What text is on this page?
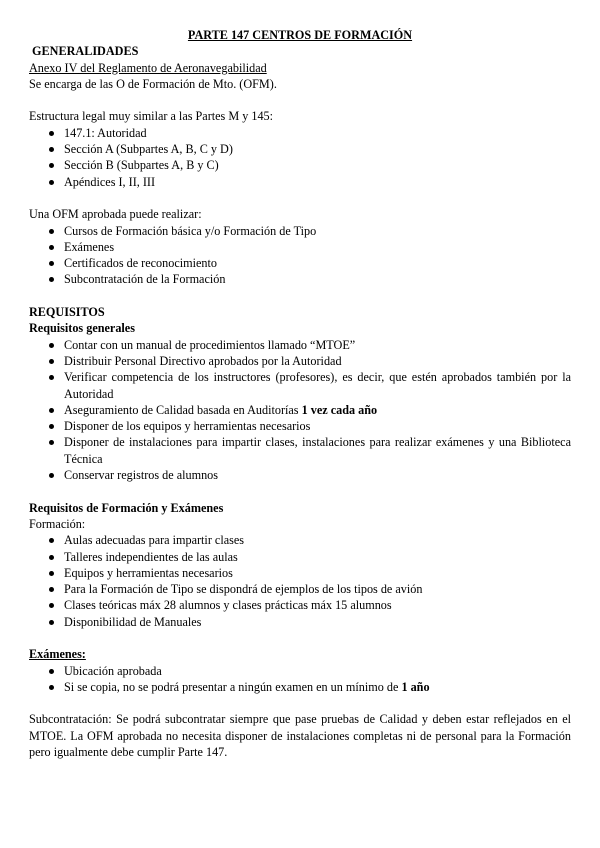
PARTE 147 CENTROS DE FORMACIÓN

GENERALIDADES

Anexo IV del Reglamento de Aeronavegabilidad

Se encarga de las O de Formación de Mto. (OFM).

Estructura legal muy similar a las Partes M y 145:

147.1: Autoridad
Sección A (Subpartes A, B, C y D)
Sección B (Subpartes A, B y C)
Apéndices I, II, III

Una OFM aprobada puede realizar:

Cursos de Formación básica y/o Formación de Tipo
Exámenes
Certificados de reconocimiento
Subcontratación de la Formación

REQUISITOS

Requisitos generales

Contar con un manual de procedimientos llamado “MTOE”
Distribuir Personal Directivo aprobados por la Autoridad
Verificar competencia de los instructores (profesores), es decir, que estén aprobados también por la Autoridad
Aseguramiento de Calidad basada en Auditorías 1 vez cada año
Disponer de los equipos y herramientas necesarios
Disponer de instalaciones para impartir clases, instalaciones para realizar exámenes y una Biblioteca Técnica
Conservar registros de alumnos

Requisitos de Formación y Exámenes

Formación:

Aulas adecuadas para impartir clases
Talleres independientes de las aulas
Equipos y herramientas necesarios
Para la Formación de Tipo se dispondrá de ejemplos de los tipos de avión
Clases teóricas máx 28 alumnos y clases prácticas máx 15 alumnos
Disponibilidad de Manuales

Exámenes:

Ubicación aprobada
Si se copia, no se podrá presentar a ningún examen en un mínimo de 1 año

Subcontratación: Se podrá subcontratar siempre que pase pruebas de Calidad y deben estar reflejados en el MTOE. La OFM aprobada no necesita disponer de instalaciones completas ni de personal para la Formación pero igualmente debe cumplir Parte 147.
